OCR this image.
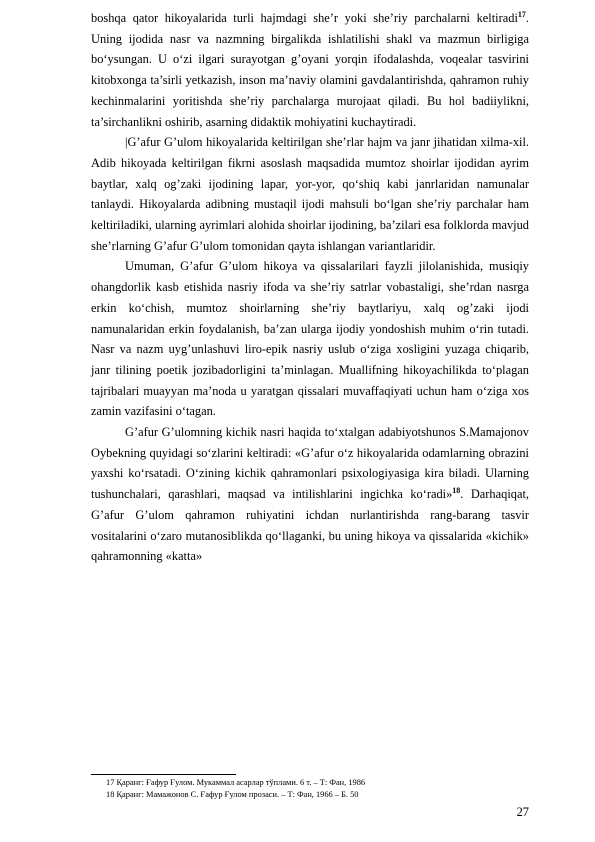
boshqa qator hikoyalarida turli hajmdagi she’r yoki she’riy parchalarni keltiradi$^{17}$. Uning ijodida nasr va nazmning birgalikda ishlatilishi shakl va mazmun birligiga bo‘ysungan. U o‘zi ilgari surayotgan g’oyani yorqin ifodalashda, voqealar tasvirini kitobxonga ta’sirli yetkazish, inson ma’naviy olamini gavdalantirishda, qahramon ruhiy kechinmalarini yoritishda she’riy parchalarga murojaat qiladi. Bu hol badiiylikni, ta’sirchanlikni oshirib, asarning didaktik mohiyatini kuchaytiradi.

|G’afur G’ulom hikoyalarida keltirilgan she’rlar hajm va janr jihatidan xilma-xil. Adib hikoyada keltirilgan fikrni asoslash maqsadida mumtoz shoirlar ijodidan ayrim baytlar, xalq og’zaki ijodining lapar, yor-yor, qo‘shiq kabi janrlaridan namunalar tanlaydi. Hikoyalarda adibning mustaqil ijodi mahsuli bo‘lgan she’riy parchalar ham keltiriladiki, ularning ayrimlari alohida shoirlar ijodining, ba’zilari esa folklorda mavjud she’rlarning G’afur G’ulom tomonidan qayta ishlangan variantlaridir.

Umuman, G’afur G’ulom hikoya va qissalarilari fayzli jilolanishida, musiqiy ohangdorlik kasb etishida nasriy ifoda va she’riy satrlar vobastaligi, she’rdan nasrga erkin ko‘chish, mumtoz shoirlarning she’riy baytlariyu, xalq og’zaki ijodi namunalaridan erkin foydalanish, ba’zan ularga ijodiy yondoshish muhim o‘rin tutadi. Nasr va nazm uyg’unlashuvi liro-epik nasriy uslub o‘ziga xosligini yuzaga chiqarib, janr tilining poetik jozibadorligini ta’minlagan. Muallifning hikoyachilikda to‘plagan tajribalari muayyan ma’noda u yaratgan qissalari muvaffaqiyati uchun ham o‘ziga xos zamin vazifasini o‘tagan.

G’afur G’ulomning kichik nasri haqida to‘xtalgan adabiyotshunos S.Mamajonov Oybekning quyidagi so‘zlarini keltiradi: «G’afur o‘z hikoyalarida odamlarning obrazini yaxshi ko‘rsatadi. O‘zining kichik qahramonlari psixologiyasiga kira biladi. Ularning tushunchalari, qarashlari, maqsad va intilishlarini ingichka ko‘radi»$^{18}$. Darhaqiqat, G’afur G’ulom qahramon ruhiyatini ichdan nurlantirishda rang-barang tasvir vositalarini o‘zaro mutanosiblikda qo‘llaganki, bu uning hikoya va qissalarida «kichik» qahramonning «katta»

17 Қаранг: Ғафур Ғулом. Мукаммал асарлар тўплами. 6 т. – Т: Фан, 1986
18 Қаранг: Мамажонов С. Ғафур Ғулом прозаси. – Т: Фан, 1966 – Б. 50
27
